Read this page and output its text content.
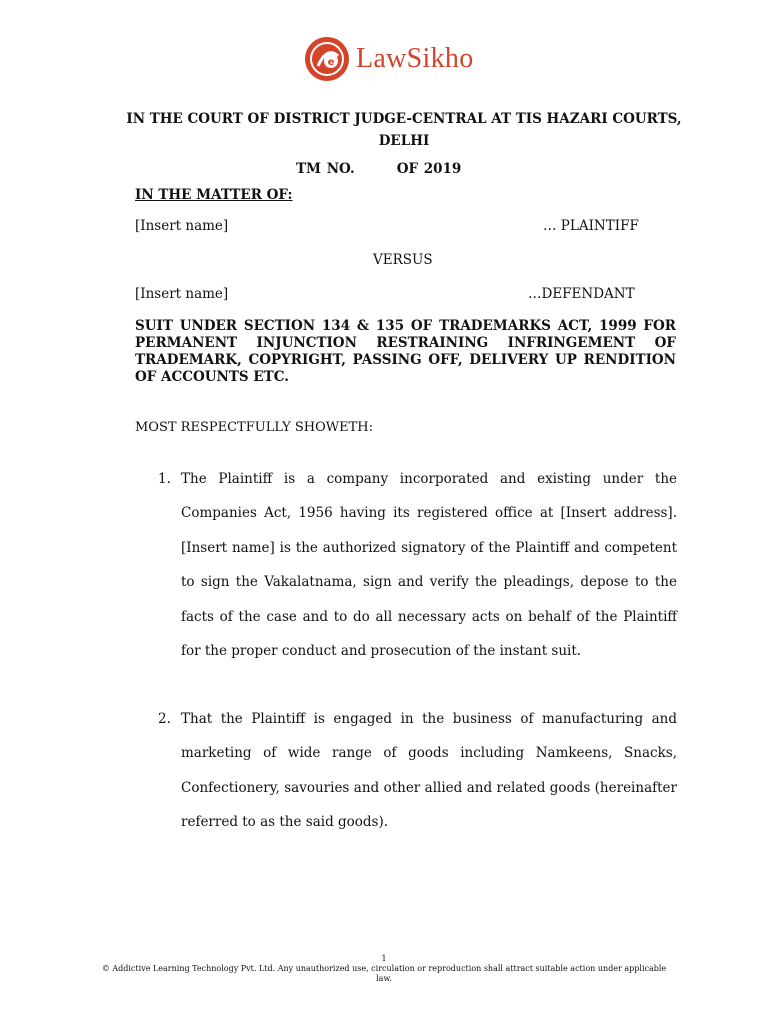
e LawSikho

IN THE COURT OF DISTRICT JUDGE-CENTRAL AT TIS HAZARI COURTS, DELHI

TM NO.	OF 2019

IN THE MATTER OF:
[Insert name]	… PLAINTIFF
VERSUS
[Insert name]	…DEFENDANT
SUIT UNDER SECTION 134 & 135 OF TRADEMARKS ACT, 1999 FOR PERMANENT INJUNCTION RESTRAINING INFRINGEMENT OF TRADEMARK, COPYRIGHT, PASSING OFF, DELIVERY UP RENDITION OF ACCOUNTS ETC.
MOST RESPECTFULLY SHOWETH:
1. The Plaintiff is a company incorporated and existing under the Companies Act, 1956 having its registered office at [Insert address]. [Insert name] is the authorized signatory of the Plaintiff and competent to sign the Vakalatnama, sign and verify the pleadings, depose to the facts of the case and to do all necessary acts on behalf of the Plaintiff for the proper conduct and prosecution of the instant suit.
2. That the Plaintiff is engaged in the business of manufacturing and marketing of wide range of goods including Namkeens, Snacks, Confectionery, savouries and other allied and related goods (hereinafter referred to as the said goods).
1
© Addictive Learning Technology Pvt. Ltd. Any unauthorized use, circulation or reproduction shall attract suitable action under applicable law.
